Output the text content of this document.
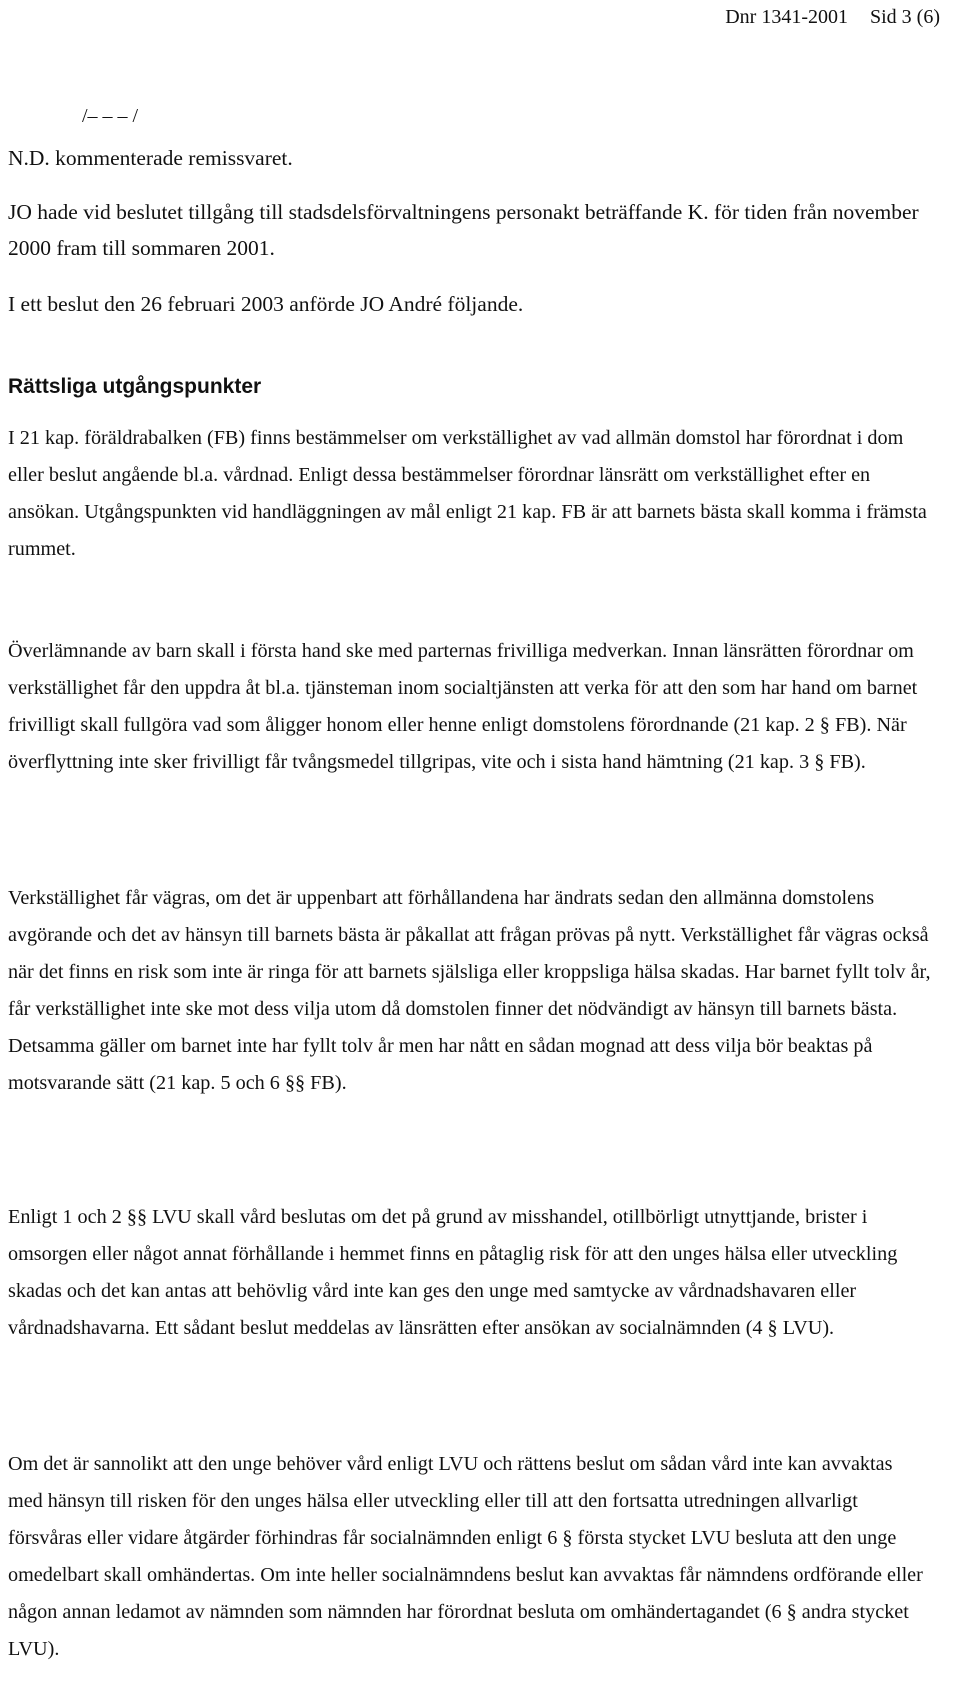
Dnr 1341-2001 Sid 3 (6)
/– – – /

N.D. kommenterade remissvaret.

JO hade vid beslutet tillgång till stadsdelsförvaltningens personakt beträffande K. för tiden från november 2000 fram till sommaren 2001.

I ett beslut den 26 februari 2003 anförde JO André följande.

Rättsliga utgångspunkter

I 21 kap. föräldrabalken (FB) finns bestämmelser om verkställighet av vad allmän domstol har förordnat i dom eller beslut angående bl.a. vårdnad. Enligt dessa bestämmelser förordnar länsrätt om verkställighet efter en ansökan. Utgångspunkten vid handläggningen av mål enligt 21 kap. FB är att barnets bästa skall komma i främsta rummet.

Överlämnande av barn skall i första hand ske med parternas frivilliga medverkan. Innan länsrätten förordnar om verkställighet får den uppdra åt bl.a. tjänsteman inom socialtjänsten att verka för att den som har hand om barnet frivilligt skall fullgöra vad som åligger honom eller henne enligt domstolens förordnande (21 kap. 2 § FB). När överflyttning inte sker frivilligt får tvångsmedel tillgripas, vite och i sista hand hämtning (21 kap. 3 § FB).

Verkställighet får vägras, om det är uppenbart att förhållandena har ändrats sedan den allmänna domstolens avgörande och det av hänsyn till barnets bästa är påkallat att frågan prövas på nytt. Verkställighet får vägras också när det finns en risk som inte är ringa för att barnets själsliga eller kroppsliga hälsa skadas. Har barnet fyllt tolv år, får verkställighet inte ske mot dess vilja utom då domstolen finner det nödvändigt av hänsyn till barnets bästa. Detsamma gäller om barnet inte har fyllt tolv år men har nått en sådan mognad att dess vilja bör beaktas på motsvarande sätt (21 kap. 5 och 6 §§ FB).

Enligt 1 och 2 §§ LVU skall vård beslutas om det på grund av misshandel, otillbörligt utnyttjande, brister i omsorgen eller något annat förhållande i hemmet finns en påtaglig risk för att den unges hälsa eller utveckling skadas och det kan antas att behövlig vård inte kan ges den unge med samtycke av vårdnadshavaren eller vårdnadshavarna. Ett sådant beslut meddelas av länsrätten efter ansökan av socialnämnden (4 § LVU).

Om det är sannolikt att den unge behöver vård enligt LVU och rättens beslut om sådan vård inte kan avvaktas med hänsyn till risken för den unges hälsa eller utveckling eller till att den fortsatta utredningen allvarligt försvåras eller vidare åtgärder förhindras får socialnämnden enligt 6 § första stycket LVU besluta att den unge omedelbart skall omhändertas. Om inte heller socialnämndens beslut kan avvaktas får nämndens ordförande eller någon annan ledamot av nämnden som nämnden har förordnat besluta om omhändertagandet (6 § andra stycket LVU).
